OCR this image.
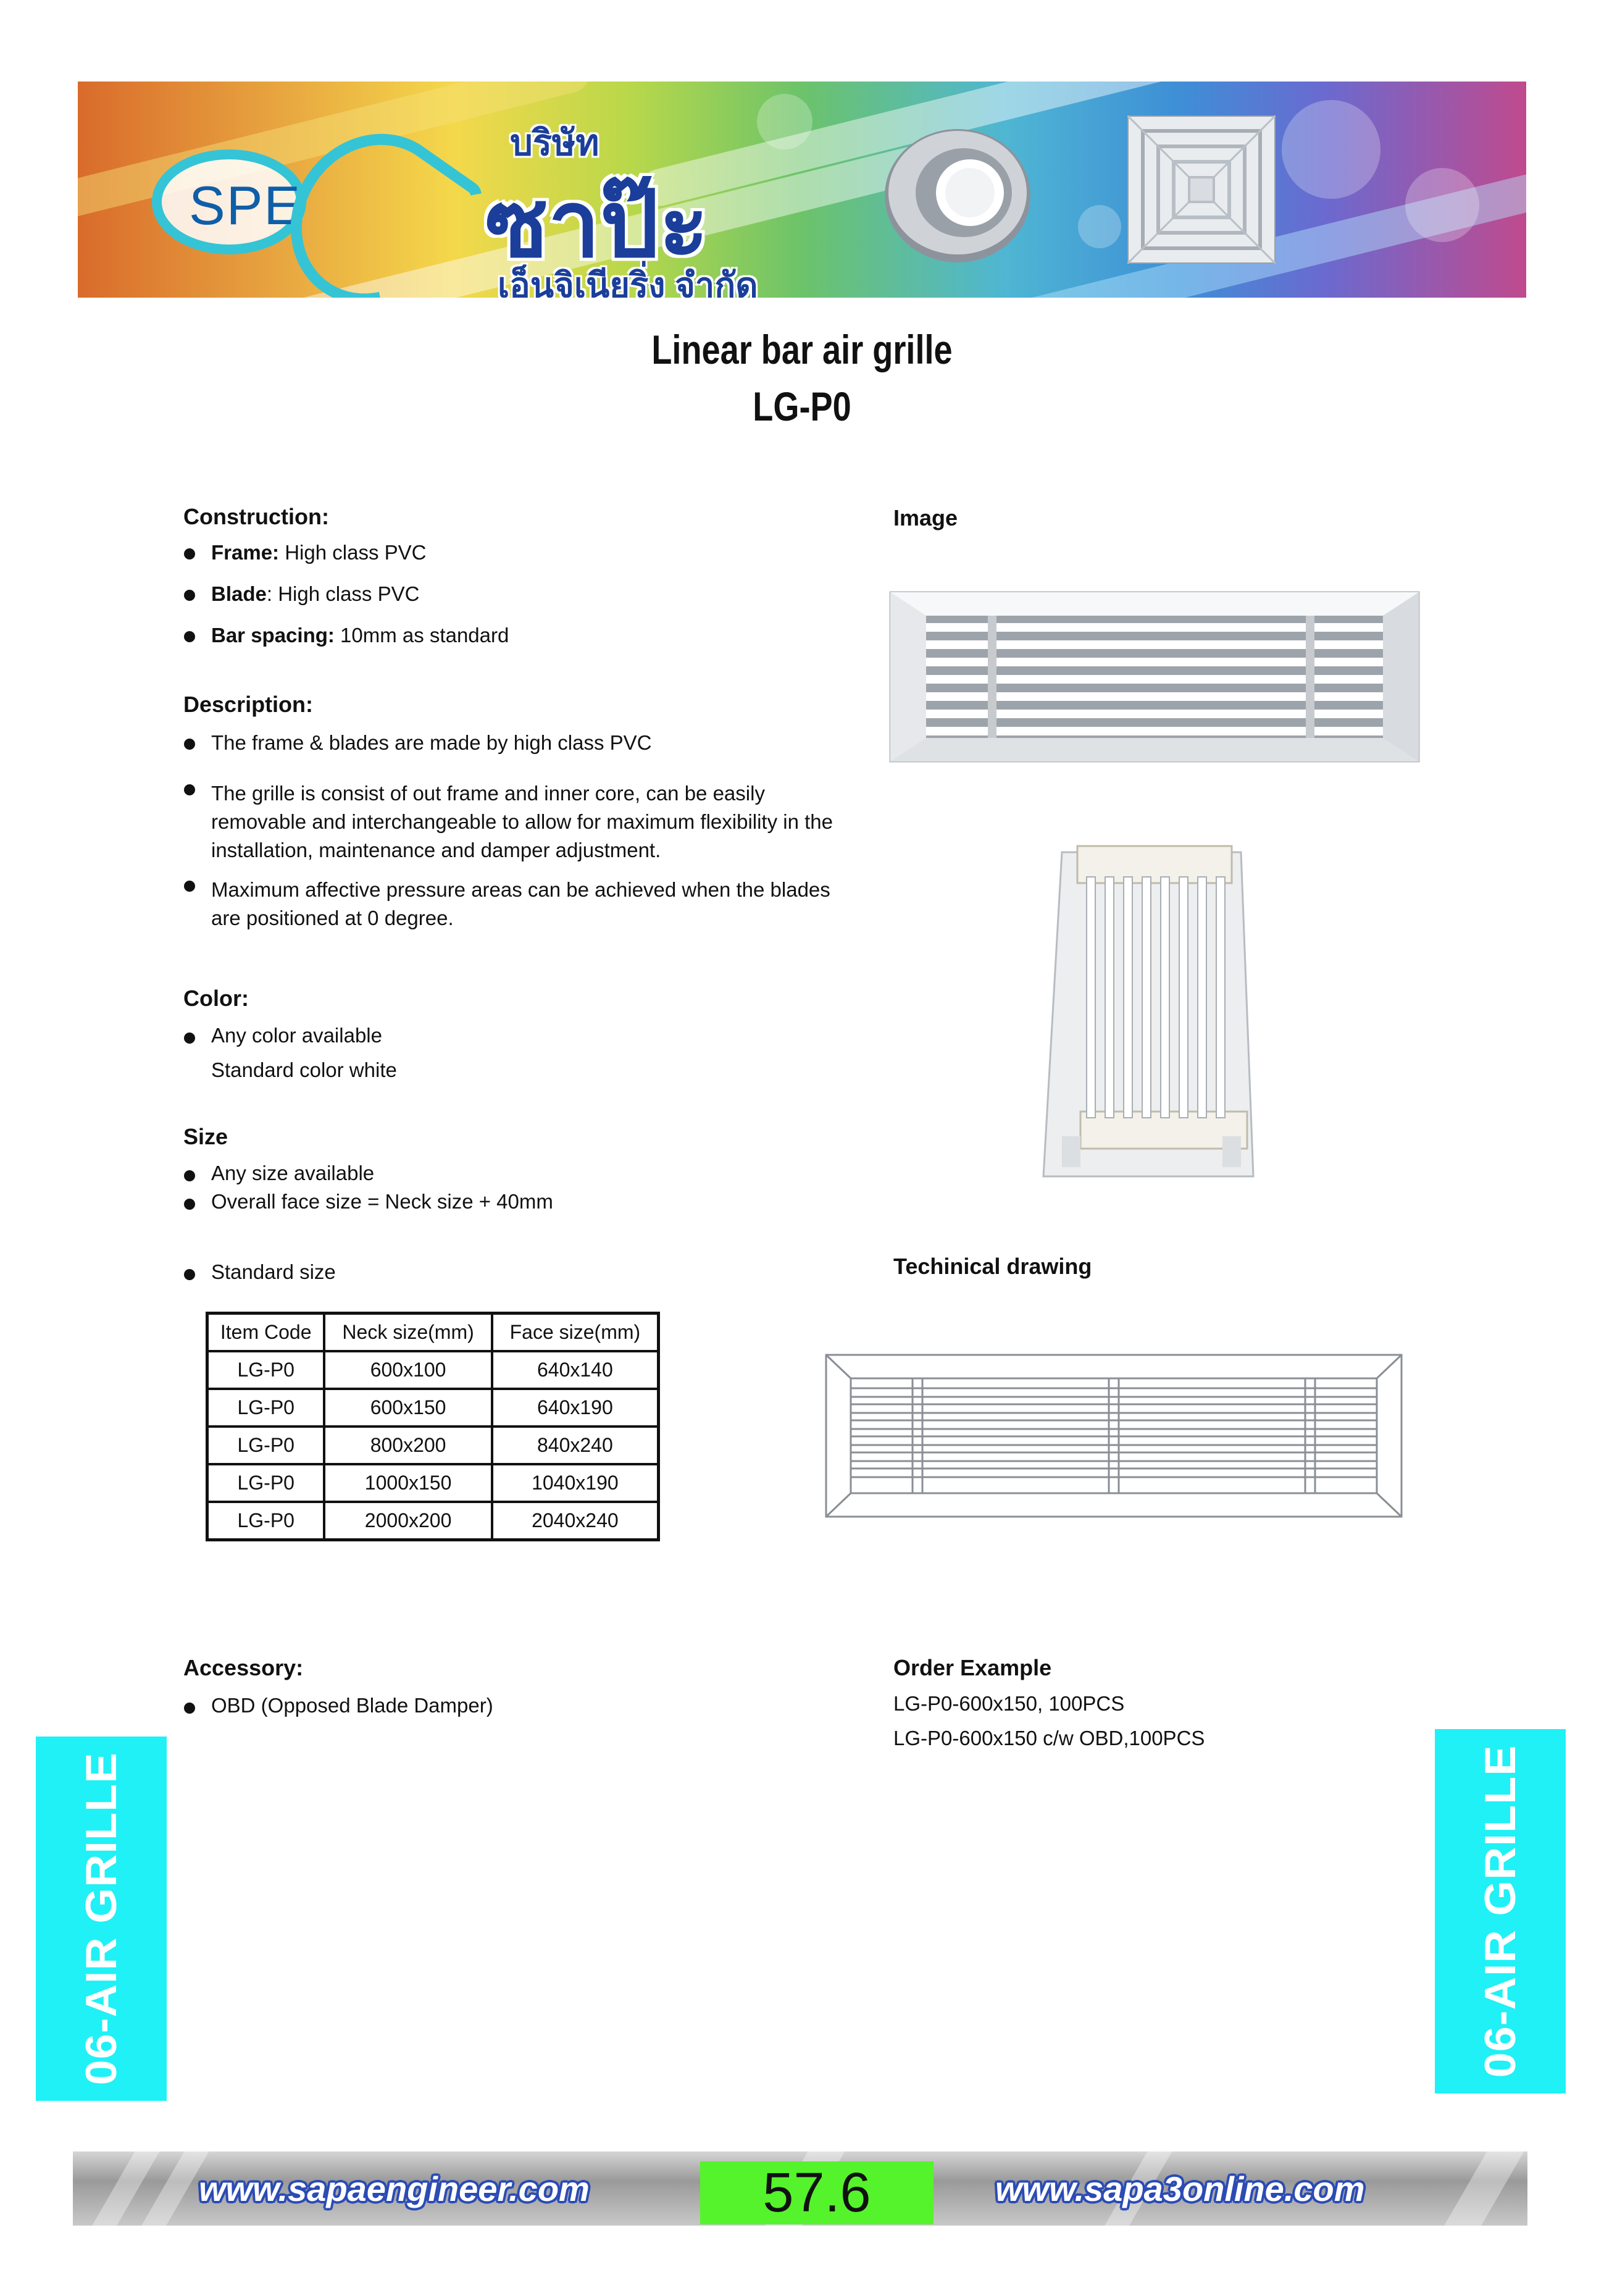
SPE
บริษัท
ซาป๊ะ
เอ็นจิเนียริ่ง จำกัด
Linear bar air grille
LG-P0
Construction:
Frame: High class PVC
Blade: High class PVC
Bar spacing: 10mm as standard
Description:
The frame & blades are made by high class PVC
The grille is consist of out frame and inner core, can be easily removable and interchangeable to allow for maximum flexibility in the installation, maintenance and damper adjustment.
Maximum affective pressure areas can be achieved when the blades are positioned at 0 degree.
Color:
Any color available
Standard color white
Size
Any size available
Overall face size = Neck size + 40mm
Standard size
Item Code	Neck size(mm)	Face size(mm)
LG-P0	600x100	640x140
LG-P0	600x150	640x190
LG-P0	800x200	840x240
LG-P0	1000x150	1040x190
LG-P0	2000x200	2040x240
Accessory:
OBD (Opposed Blade Damper)
Image
Techinical drawing
Order Example
LG-P0-600x150, 100PCS
LG-P0-600x150 c/w OBD,100PCS
06-AIR GRILLE	06-AIR GRILLE
www.sapaengineer.com	57.6	www.sapa3online.com
